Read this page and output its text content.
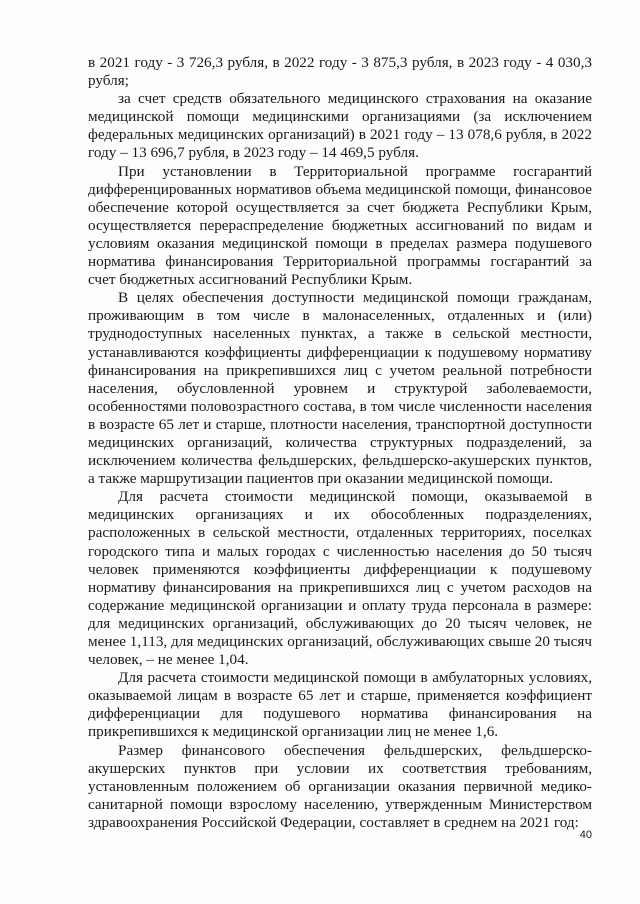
в 2021 году - 3 726,3 рубля, в 2022 году - 3 875,3 рубля, в 2023 году - 4 030,3 рубля;

за счет средств обязательного медицинского страхования на оказание медицинской помощи медицинскими организациями (за исключением федеральных медицинских организаций) в 2021 году – 13 078,6 рубля, в 2022 году – 13 696,7 рубля, в 2023 году – 14 469,5 рубля.

При установлении в Территориальной программе госгарантий дифференцированных нормативов объема медицинской помощи, финансовое обеспечение которой осуществляется за счет бюджета Республики Крым, осуществляется перераспределение бюджетных ассигнований по видам и условиям оказания медицинской помощи в пределах размера подушевого норматива финансирования Территориальной программы госгарантий за счет бюджетных ассигнований Республики Крым.

В целях обеспечения доступности медицинской помощи гражданам, проживающим в том числе в малонаселенных, отдаленных и (или) труднодоступных населенных пунктах, а также в сельской местности, устанавливаются коэффициенты дифференциации к подушевому нормативу финансирования на прикрепившихся лиц с учетом реальной потребности населения, обусловленной уровнем и структурой заболеваемости, особенностями половозрастного состава, в том числе численности населения в возрасте 65 лет и старше, плотности населения, транспортной доступности медицинских организаций, количества структурных подразделений, за исключением количества фельдшерских, фельдшерско-акушерских пунктов, а также маршрутизации пациентов при оказании медицинской помощи.

Для расчета стоимости медицинской помощи, оказываемой в медицинских организациях и их обособленных подразделениях, расположенных в сельской местности, отдаленных территориях, поселках городского типа и малых городах с численностью населения до 50 тысяч человек применяются коэффициенты дифференциации к подушевому нормативу финансирования на прикрепившихся лиц с учетом расходов на содержание медицинской организации и оплату труда персонала в размере: для медицинских организаций, обслуживающих до 20 тысяч человек, не менее 1,113, для медицинских организаций, обслуживающих свыше 20 тысяч человек, – не менее 1,04.

Для расчета стоимости медицинской помощи в амбулаторных условиях, оказываемой лицам в возрасте 65 лет и старше, применяется коэффициент дифференциации для подушевого норматива финансирования на прикрепившихся к медицинской организации лиц не менее 1,6.

Размер финансового обеспечения фельдшерских, фельдшерско-акушерских пунктов при условии их соответствия требованиям, установленным положением об организации оказания первичной медико-санитарной помощи взрослому населению, утвержденным Министерством здравоохранения Российской Федерации, составляет в среднем на 2021 год:

40
